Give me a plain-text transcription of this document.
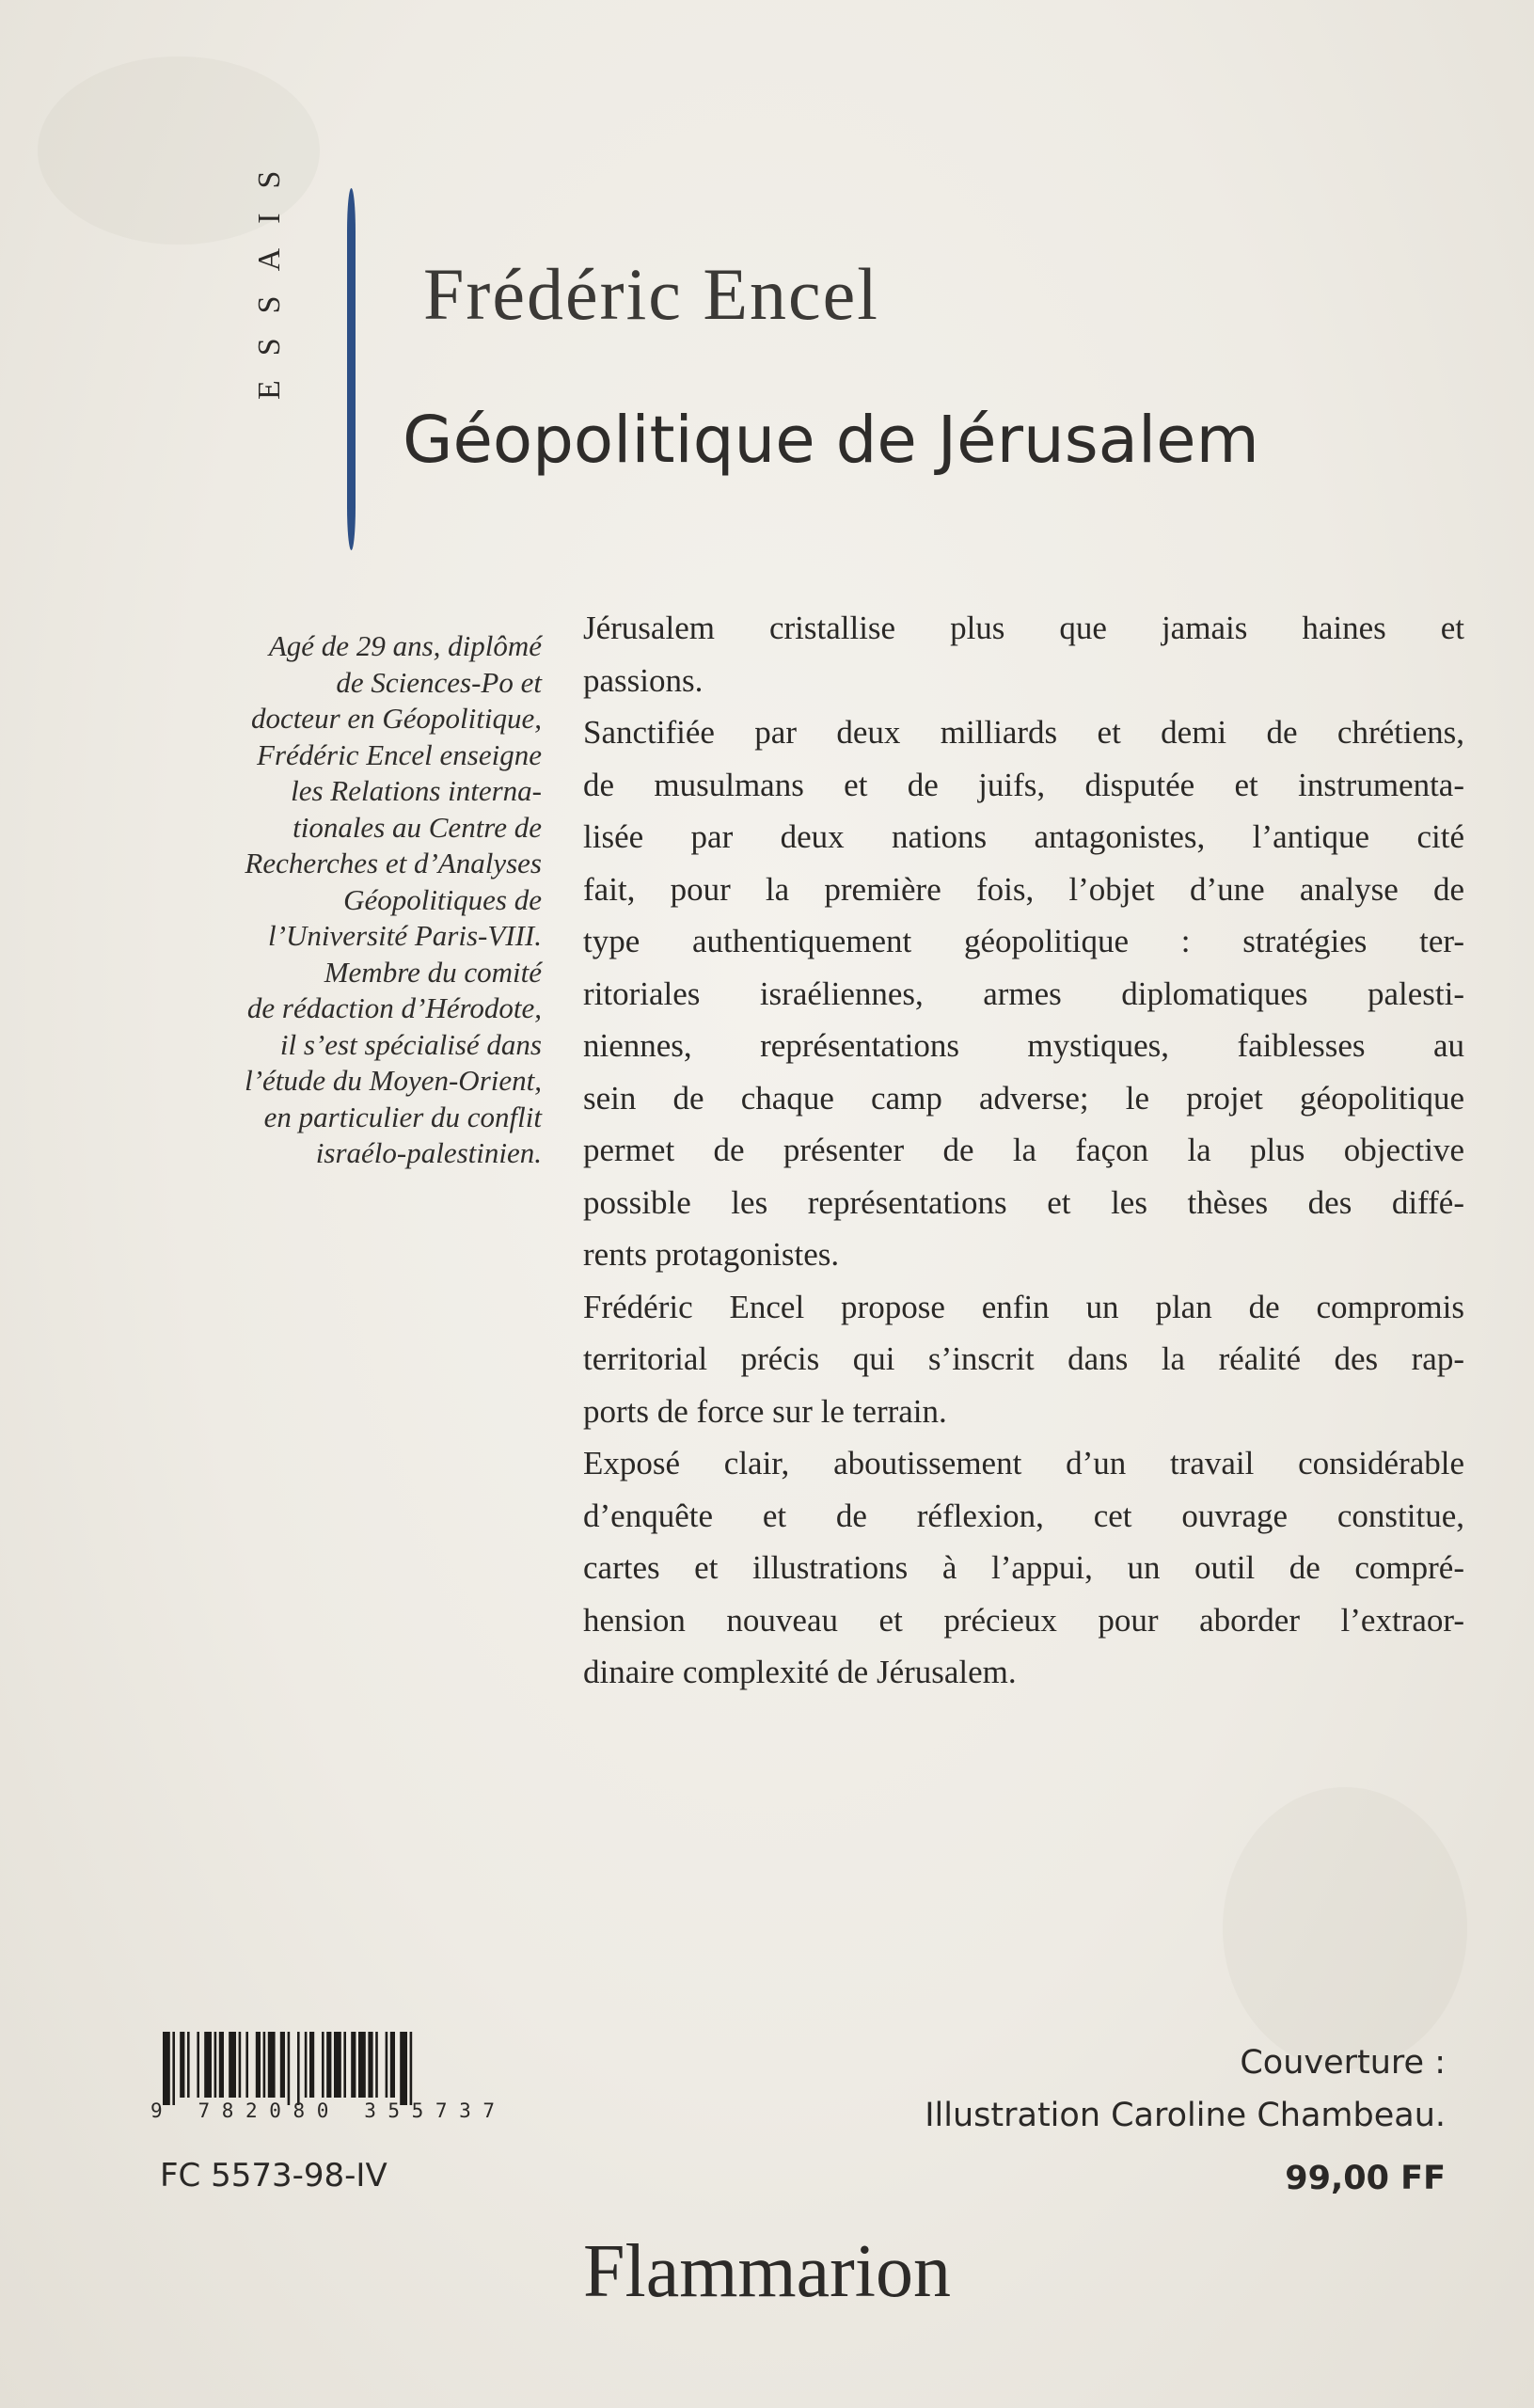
ESSAIS Frédéric Encel
Géopolitique de Jérusalem
Agé de 29 ans, diplômé
de Sciences-Po et
docteur en Géopolitique,
Frédéric Encel enseigne
les Relations interna-
tionales au Centre de
Recherches et d’Analyses
Géopolitiques de
l’Université Paris-VIII.
Membre du comité
de rédaction d’Hérodote,
il s’est spécialisé dans
l’étude du Moyen-Orient,
en particulier du conflit
israélo-palestinien.
Jérusalem cristallise plus que jamais haines et
passions.
Sanctifiée par deux milliards et demi de chrétiens,
de musulmans et de juifs, disputée et instrumenta-
lisée par deux nations antagonistes, l’antique cité
fait, pour la première fois, l’objet d’une analyse de
type authentiquement géopolitique : stratégies ter-
ritoriales israéliennes, armes diplomatiques palesti-
niennes, représentations mystiques, faiblesses au
sein de chaque camp adverse; le projet géopolitique
permet de présenter de la façon la plus objective
possible les représentations et les thèses des diffé-
rents protagonistes.
Frédéric Encel propose enfin un plan de compromis
territorial précis qui s’inscrit dans la réalité des rap-
ports de force sur le terrain.
Exposé clair, aboutissement d’un travail considérable
d’enquête et de réflexion, cet ouvrage constitue,
cartes et illustrations à l’appui, un outil de compré-
hension nouveau et précieux pour aborder l’extraor-
dinaire complexité de Jérusalem.
9 782080 355737
FC 5573-98-IV
Couverture :
Illustration Caroline Chambeau.
99,00 FF
Flammarion
